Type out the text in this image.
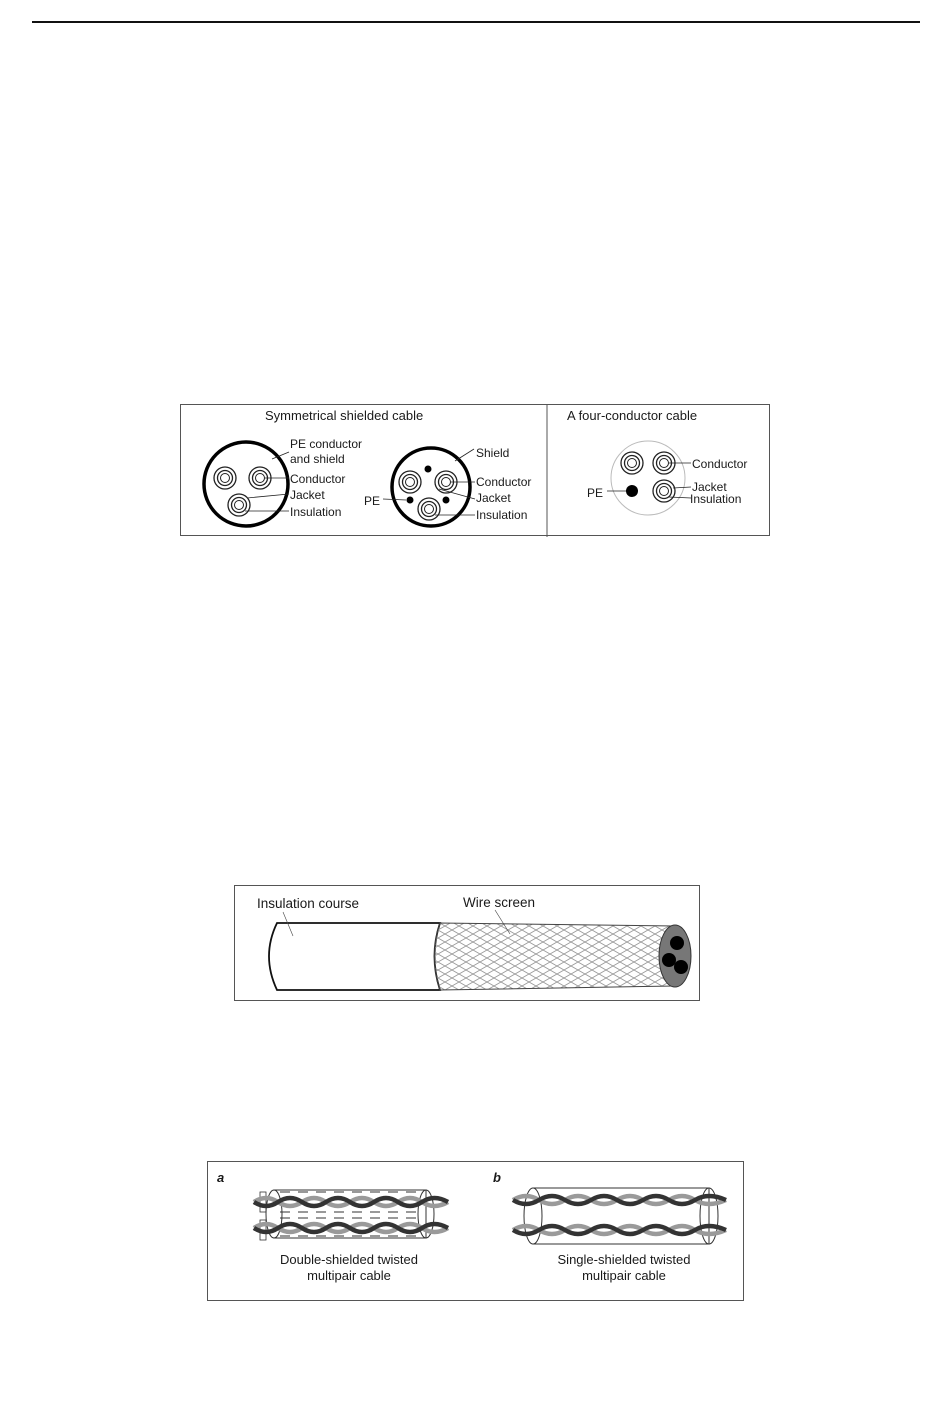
Symmetrical shielded cable	A four-conductor cable
PE conductor
and shield
Conductor
Jacket
Insulation
Shield
Conductor
Jacket
Insulation
PE
Conductor
Jacket
Insulation
PE
Insulation course	Wire screen
a	b
Double-shielded twisted
multipair cable
Single-shielded twisted
multipair cable
